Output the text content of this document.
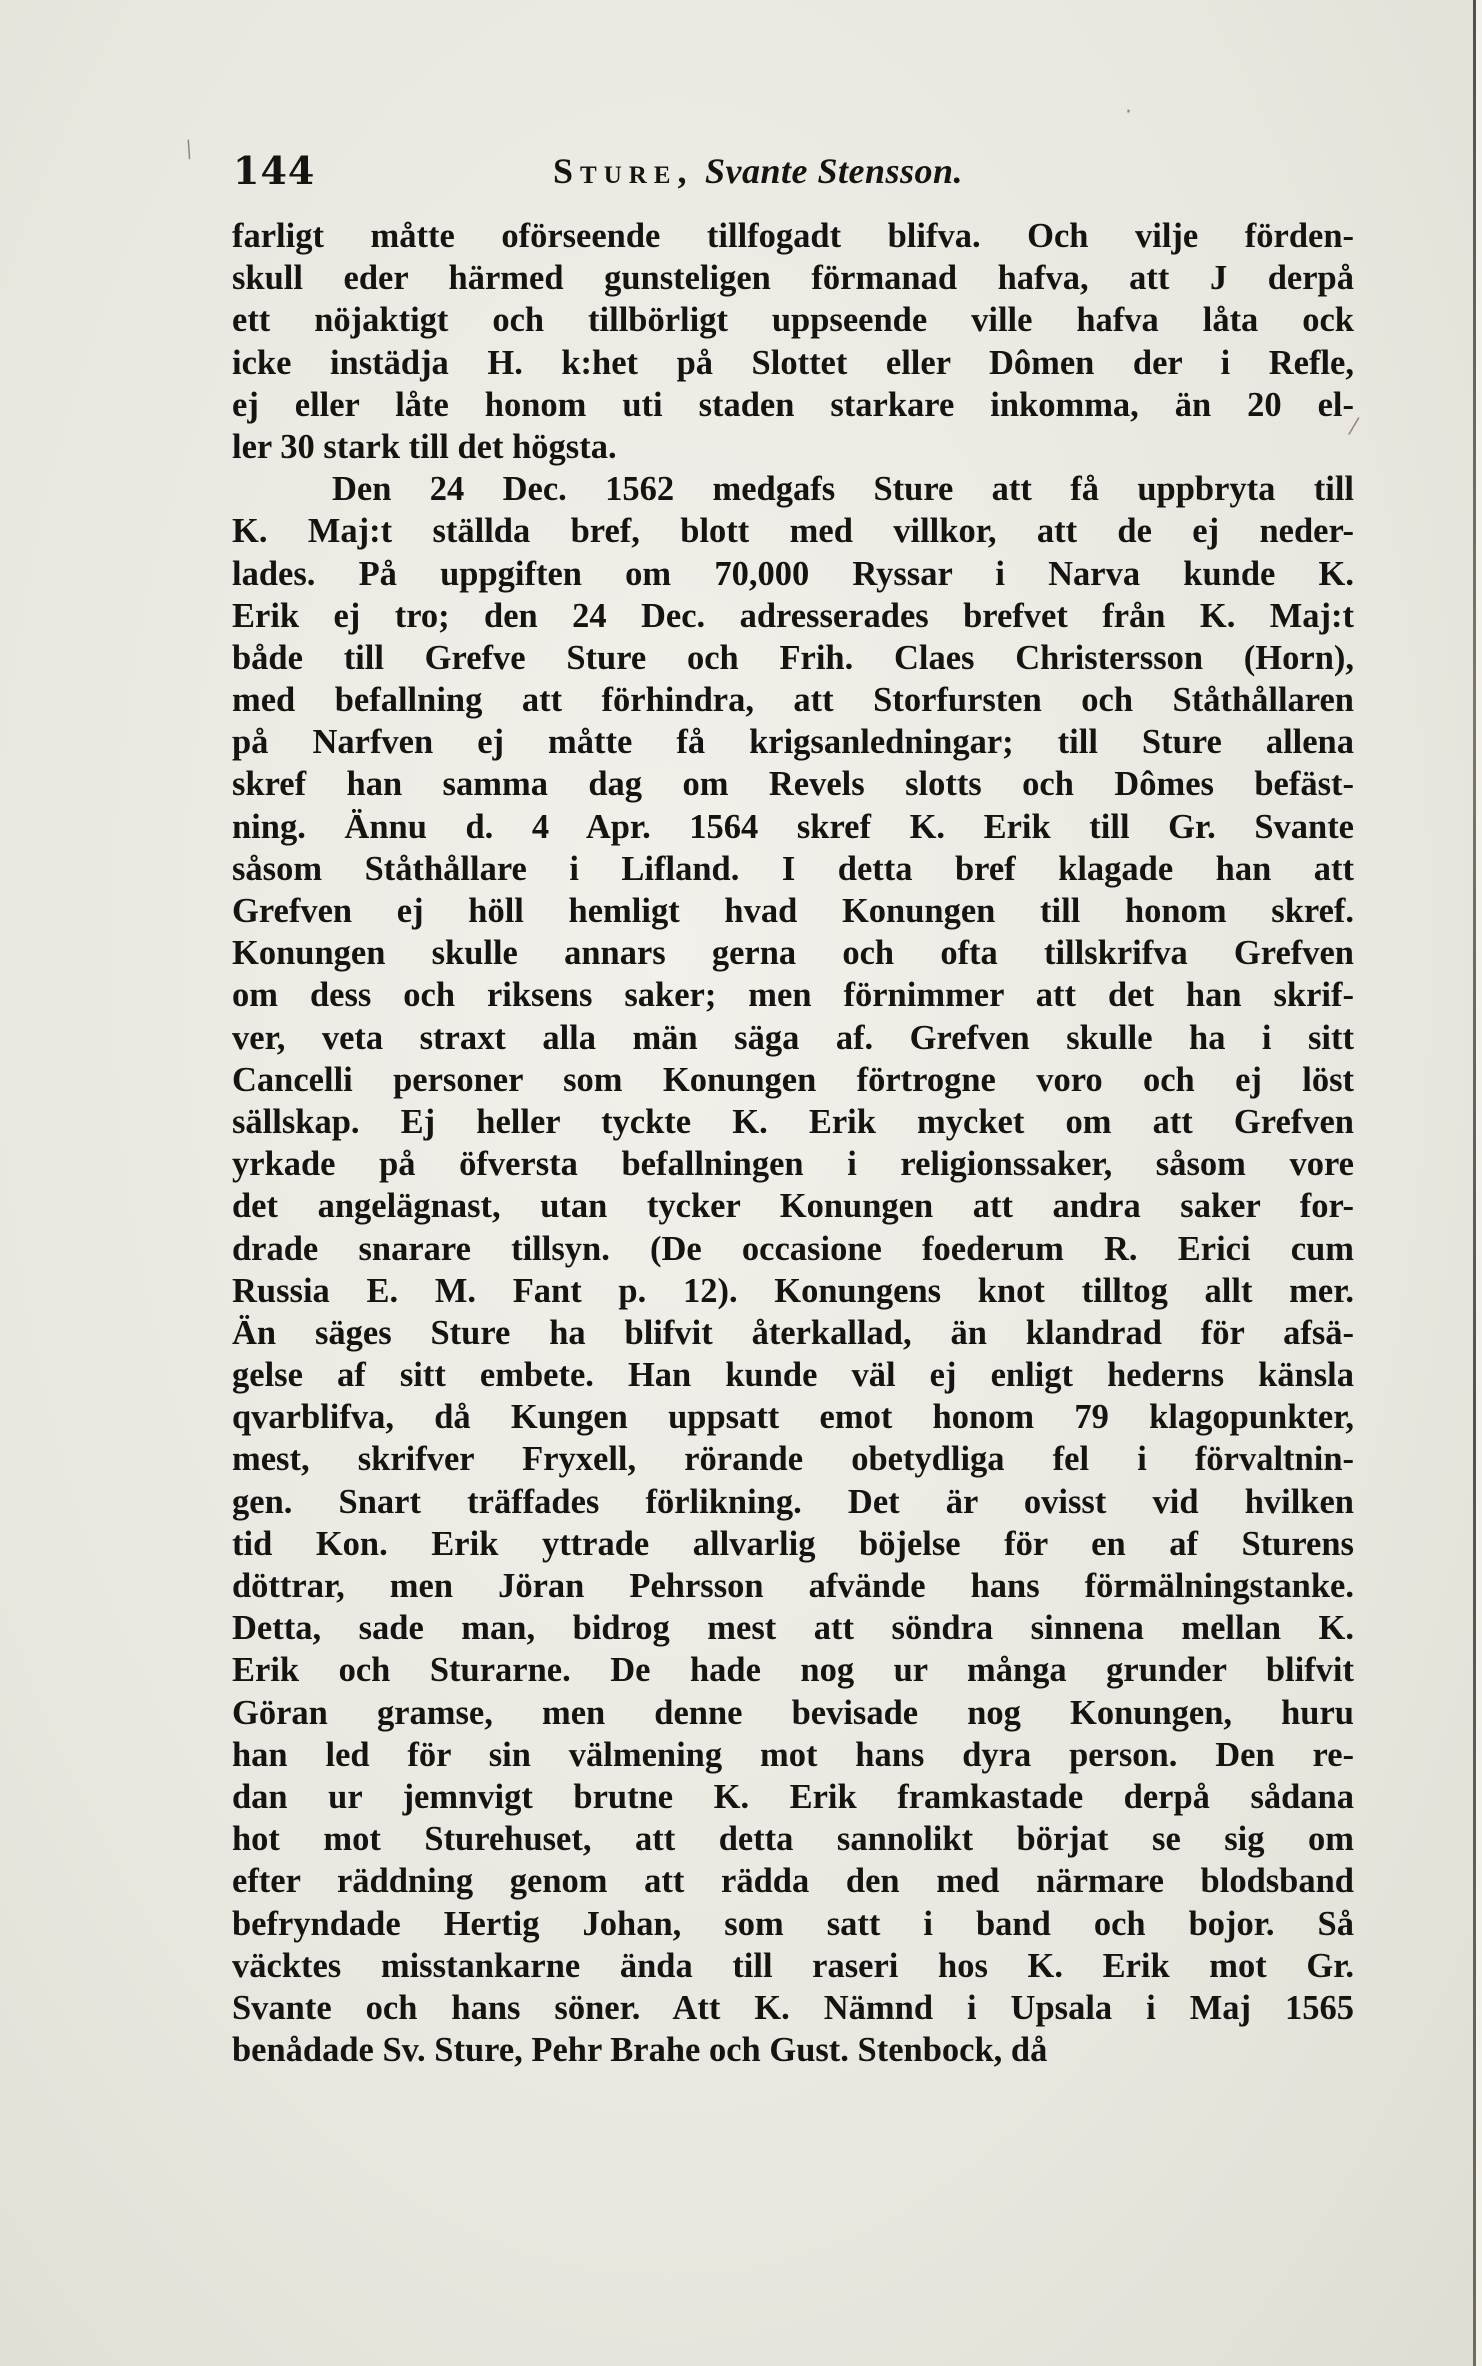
⁄
·
⁄
144	Sture, Svante Stensson.
farligt måtte oförseende tillfogadt blifva. Och vilje förden-
skull eder härmed gunsteligen förmanad hafva, att J derpå
ett nöjaktigt och tillbörligt uppseende ville hafva låta ock
icke instädja H. k:het på Slottet eller Dômen der i Refle,
ej eller låte honom uti staden starkare inkomma, än 20 el-
ler 30 stark till det högsta.
Den 24 Dec. 1562 medgafs Sture att få uppbryta till
K. Maj:t ställda bref, blott med villkor, att de ej neder-
lades. På uppgiften om 70,000 Ryssar i Narva kunde K.
Erik ej tro; den 24 Dec. adresserades brefvet från K. Maj:t
både till Grefve Sture och Frih. Claes Christersson (Horn),
med befallning att förhindra, att Storfursten och Ståthållaren
på Narfven ej måtte få krigsanledningar; till Sture allena
skref han samma dag om Revels slotts och Dômes befäst-
ning. Ännu d. 4 Apr. 1564 skref K. Erik till Gr. Svante
såsom Ståthållare i Lifland. I detta bref klagade han att
Grefven ej höll hemligt hvad Konungen till honom skref.
Konungen skulle annars gerna och ofta tillskrifva Grefven
om dess och riksens saker; men förnimmer att det han skrif-
ver, veta straxt alla män säga af. Grefven skulle ha i sitt
Cancelli personer som Konungen förtrogne voro och ej löst
sällskap. Ej heller tyckte K. Erik mycket om att Grefven
yrkade på öfversta befallningen i religionssaker, såsom vore
det angelägnast, utan tycker Konungen att andra saker for-
drade snarare tillsyn. (De occasione foederum R. Erici cum
Russia E. M. Fant p. 12). Konungens knot tilltog allt mer.
Än säges Sture ha blifvit återkallad, än klandrad för afsä-
gelse af sitt embete. Han kunde väl ej enligt hederns känsla
qvarblifva, då Kungen uppsatt emot honom 79 klagopunkter,
mest, skrifver Fryxell, rörande obetydliga fel i förvaltnin-
gen. Snart träffades förlikning. Det är ovisst vid hvilken
tid Kon. Erik yttrade allvarlig böjelse för en af Sturens
döttrar, men Jöran Pehrsson afvände hans förmälningstanke.
Detta, sade man, bidrog mest att söndra sinnena mellan K.
Erik och Sturarne. De hade nog ur många grunder blifvit
Göran gramse, men denne bevisade nog Konungen, huru
han led för sin välmening mot hans dyra person. Den re-
dan ur jemnvigt brutne K. Erik framkastade derpå sådana
hot mot Sturehuset, att detta sannolikt börjat se sig om
efter räddning genom att rädda den med närmare blodsband
befryndade Hertig Johan, som satt i band och bojor. Så
väcktes misstankarne ända till raseri hos K. Erik mot Gr.
Svante och hans söner. Att K. Nämnd i Upsala i Maj 1565
benådade Sv. Sture, Pehr Brahe och Gust. Stenbock, då
